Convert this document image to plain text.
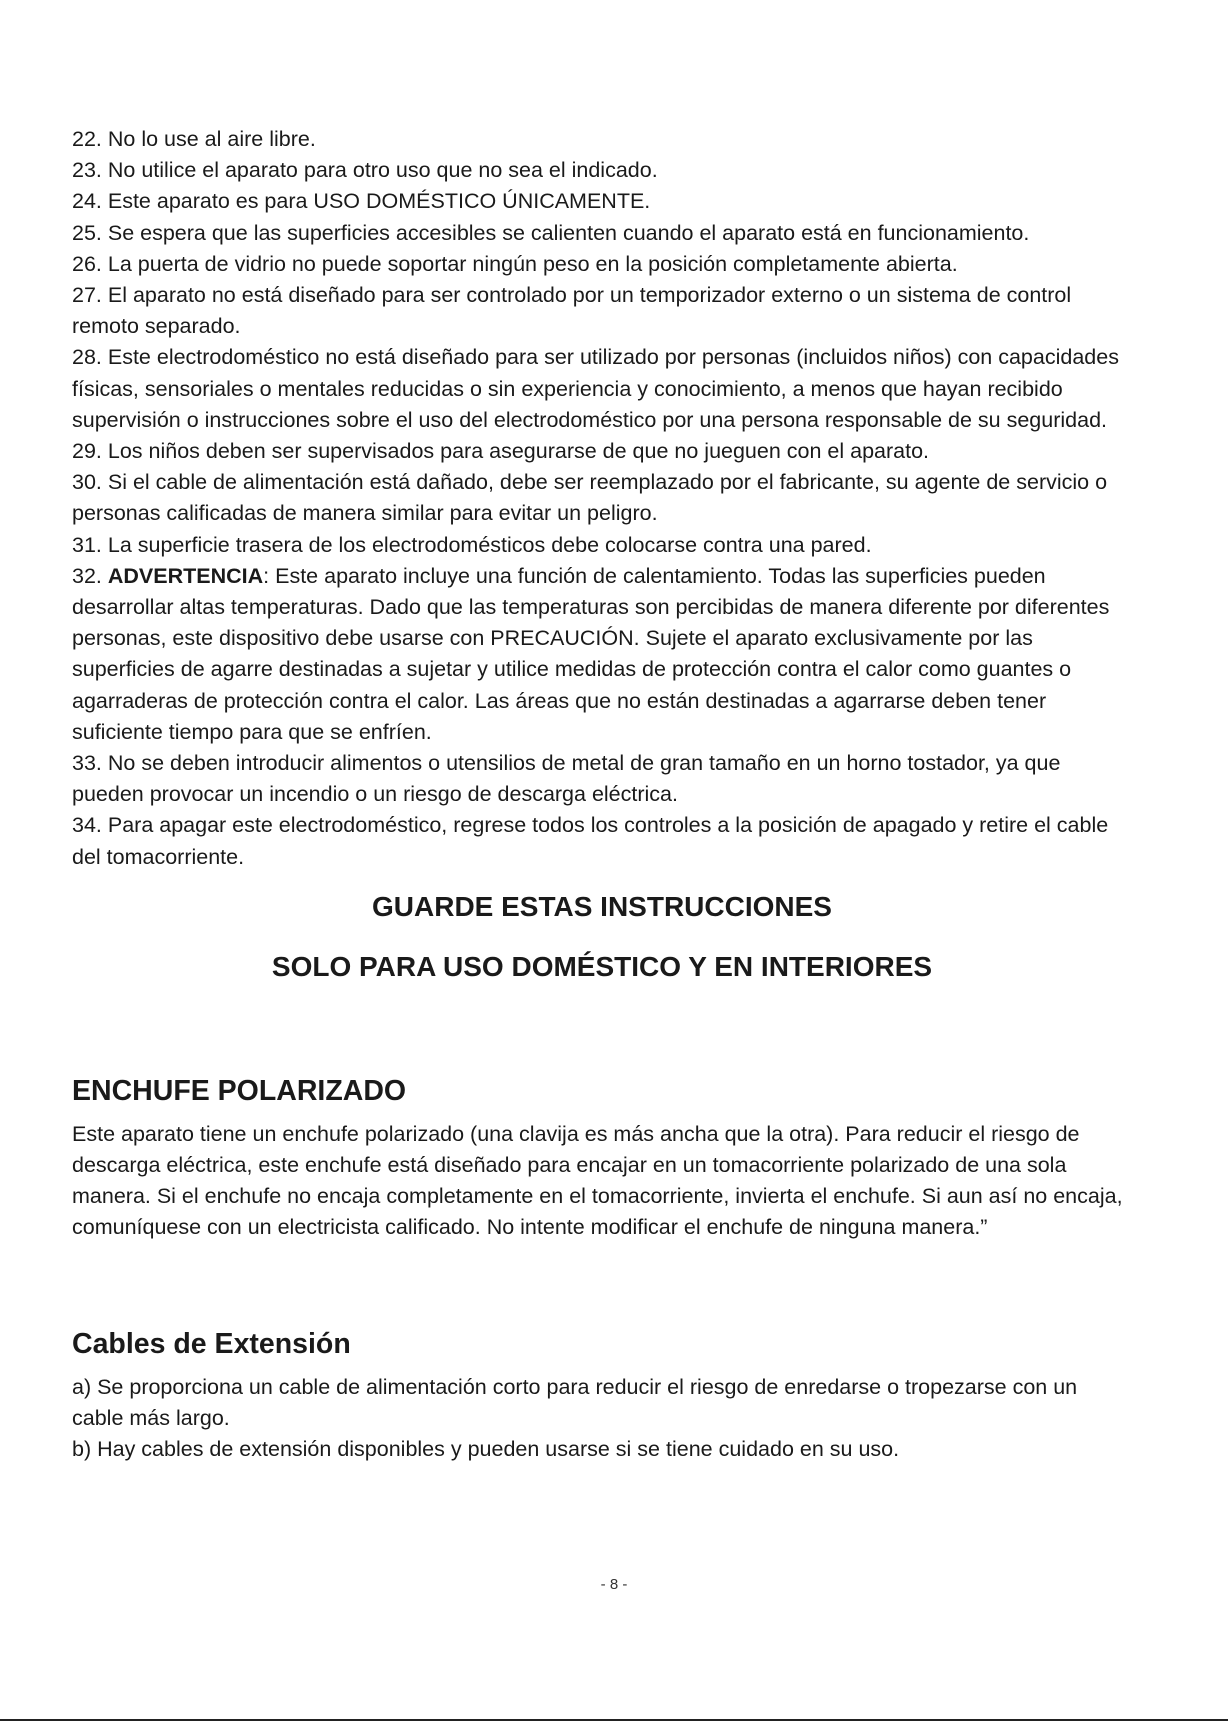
22. No lo use al aire libre.

23. No utilice el aparato para otro uso que no sea el indicado.

24. Este aparato es para USO DOMÉSTICO ÚNICAMENTE.

25. Se espera que las superficies accesibles se calienten cuando el aparato está en funcionamiento.

26. La puerta de vidrio no puede soportar ningún peso en la posición completamente abierta.

27. El aparato no está diseñado para ser controlado por un temporizador externo o un sistema de control remoto separado.

28. Este electrodoméstico no está diseñado para ser utilizado por personas (incluidos niños) con capacidades físicas, sensoriales o mentales reducidas o sin experiencia y conocimiento, a menos que hayan recibido supervisión o instrucciones sobre el uso del electrodoméstico por una persona responsable de su seguridad.

29. Los niños deben ser supervisados para asegurarse de que no jueguen con el aparato.

30. Si el cable de alimentación está dañado, debe ser reemplazado por el fabricante, su agente de servicio o personas calificadas de manera similar para evitar un peligro.

31. La superficie trasera de los electrodomésticos debe colocarse contra una pared.

32. ADVERTENCIA: Este aparato incluye una función de calentamiento. Todas las superficies pueden desarrollar altas temperaturas. Dado que las temperaturas son percibidas de manera diferente por diferentes personas, este dispositivo debe usarse con PRECAUCIÓN. Sujete el aparato exclusivamente por las superficies de agarre destinadas a sujetar y utilice medidas de protección contra el calor como guantes o agarraderas de protección contra el calor. Las áreas que no están destinadas a agarrarse deben tener suficiente tiempo para que se enfríen.

33. No se deben introducir alimentos o utensilios de metal de gran tamaño en un horno tostador, ya que pueden provocar un incendio o un riesgo de descarga eléctrica.

34. Para apagar este electrodoméstico, regrese todos los controles a la posición de apagado y retire el cable del tomacorriente.

GUARDE ESTAS INSTRUCCIONES
SOLO PARA USO DOMÉSTICO Y EN INTERIORES
ENCHUFE POLARIZADO

Este aparato tiene un enchufe polarizado (una clavija es más ancha que la otra). Para reducir el riesgo de descarga eléctrica, este enchufe está diseñado para encajar en un tomacorriente polarizado de una sola manera. Si el enchufe no encaja completamente en el tomacorriente, invierta el enchufe. Si aun así no encaja, comuníquese con un electricista calificado. No intente modificar el enchufe de ninguna manera.”

Cables de Extensión

a) Se proporciona un cable de alimentación corto para reducir el riesgo de enredarse o tropezarse con un cable más largo.

b) Hay cables de extensión disponibles y pueden usarse si se tiene cuidado en su uso.

- 8 -
